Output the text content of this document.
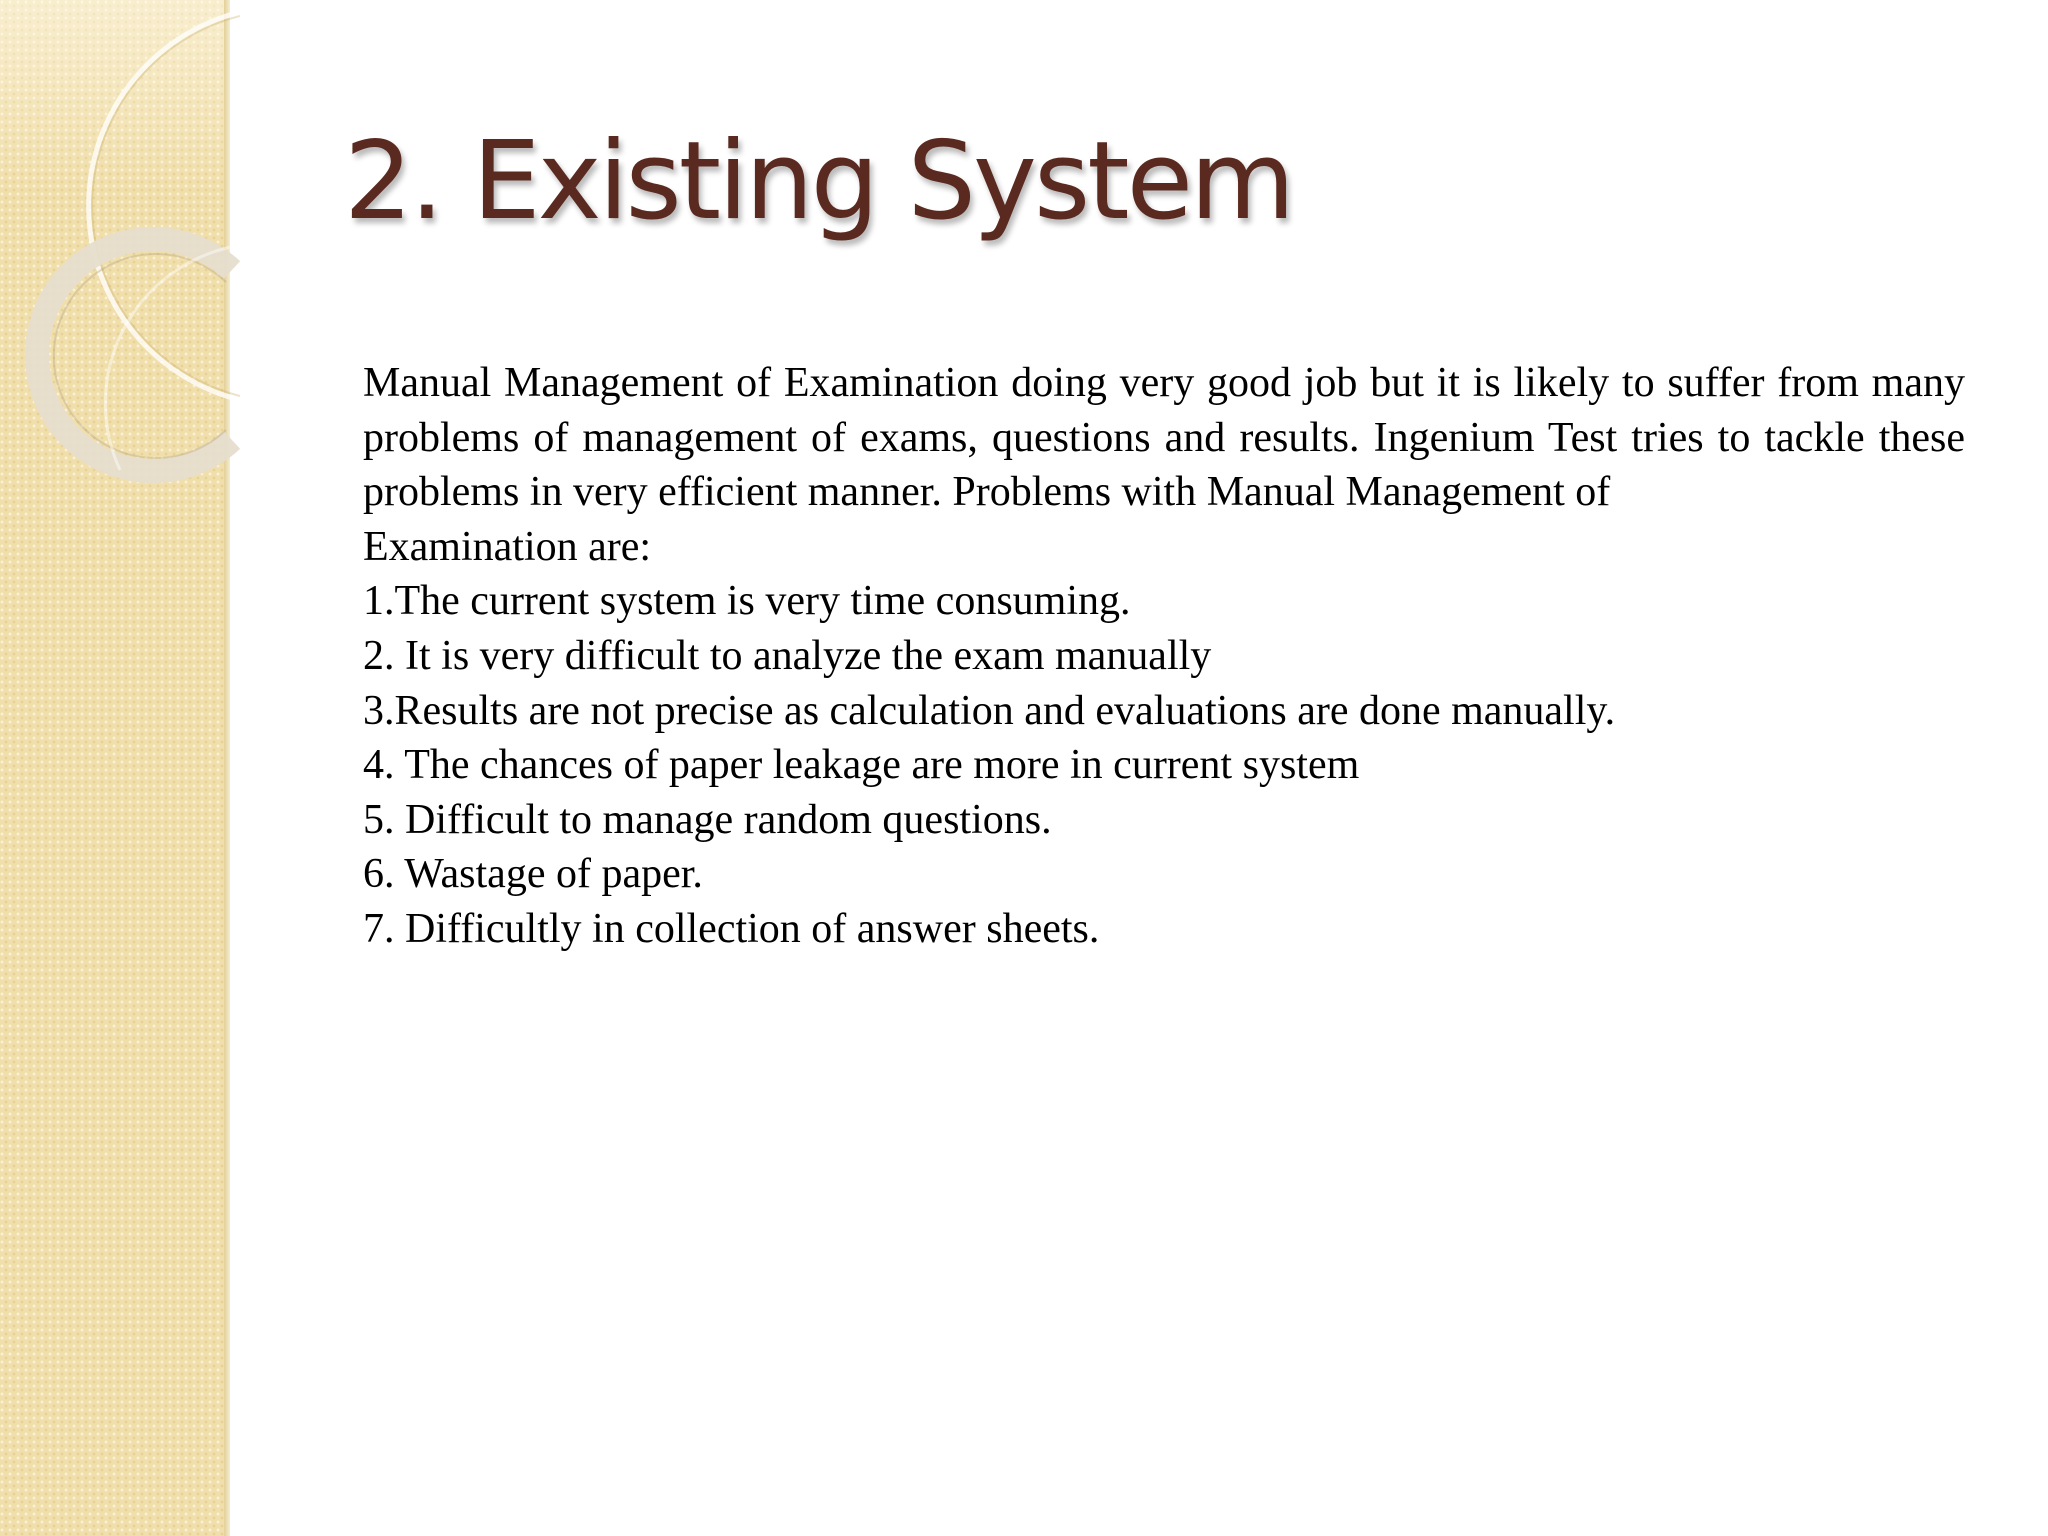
2. Existing System

Manual Management of Examination doing very good job but it is likely to suffer from many problems of management of exams, questions and results. Ingenium Test tries to tackle these problems in very efficient manner. Problems with Manual Management of

Examination are:

1.The current system is very time consuming.

2. It is very difficult to analyze the exam manually

3.Results are not precise as calculation and evaluations are done manually.

4. The chances of paper leakage are more in current system

5. Difficult to manage random questions.

6. Wastage of paper.

7. Difficultly in collection of answer sheets.
